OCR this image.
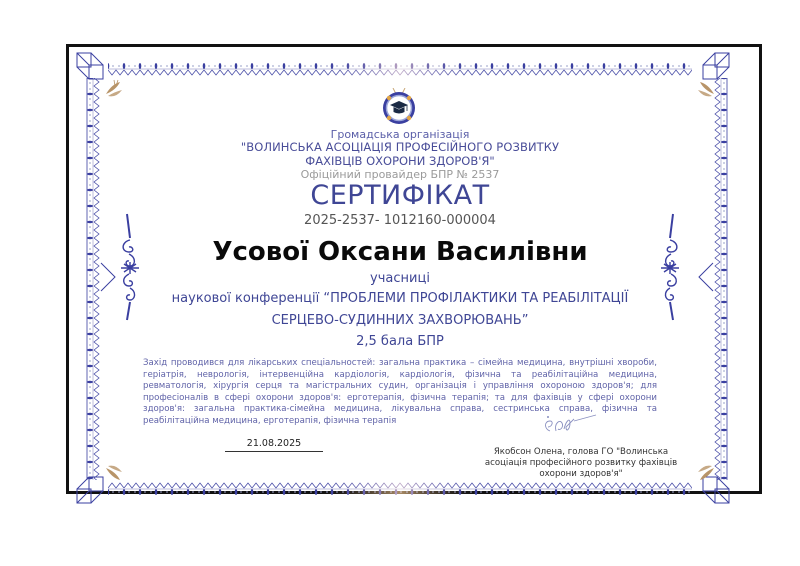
Громадська організація
"ВОЛИНСЬКА АСОЦІАЦІЯ ПРОФЕСІЙНОГО РОЗВИТКУ
ФАХІВЦІВ ОХОРОНИ ЗДОРОВ'Я"
Офіційний провайдер БПР № 2537
СЕРТИФІКАТ
2025-2537- 1012160-000004
Усової Оксани Василівни
учасниці
наукової конференції “ПРОБЛЕМИ ПРОФІЛАКТИКИ ТА РЕАБІЛІТАЦІЇ
СЕРЦЕВО-СУДИННИХ ЗАХВОРЮВАНЬ”
2,5 бала БПР
Захід проводився для лікарських спеціальностей: загальна практика – сімейна медицина, внутрішні хвороби, геріатрія, неврологія, інтервенційна кардіологія, кардіологія, фізична та реабілітаційна медицина, ревматологія, хірургія серця та магістральних судин, організація і управління охороною здоров'я; для професіоналів в сфері охорони здоров'я: ерготерапія, фізична терапія; та для фахівців у сфері охорони здоров'я: загальна практика-сімейна медицина, лікувальна справа, сестринська справа, фізична та реабілітаційна медицина, ерготерапія, фізична терапія
21.08.2025
Якобсон Олена, голова ГО "Волинська
асоціація професійного розвитку фахівців
охорони здоров'я"
